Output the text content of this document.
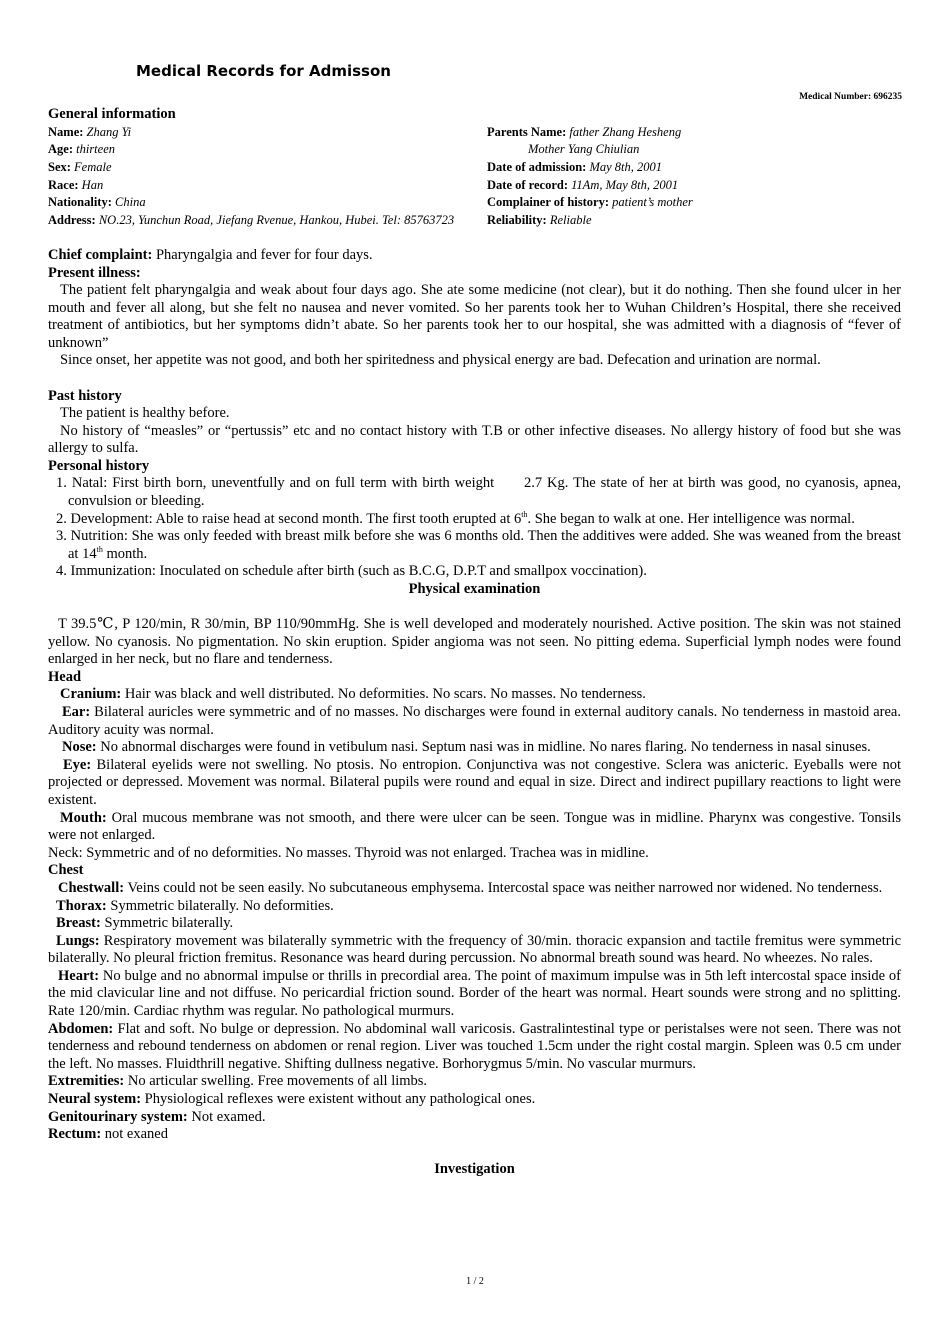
Medical Records for Admisson
Medical Number: 696235
General information
Name: Zhang Yi
Age: thirteen
Sex: Female
Race: Han
Nationality: China
Address: NO.23, Yunchun Road, Jiefang Rvenue, Hankou, Hubei. Tel: 85763723
Parents Name: father Zhang Hesheng
Mother Yang Chiulian
Date of admission: May 8th, 2001
Date of record: 11Am, May 8th, 2001
Complainer of history: patient’s mother
Reliability: Reliable

Chief complaint: Pharyngalgia and fever for four days.

Present illness:

The patient felt pharyngalgia and weak about four days ago. She ate some medicine (not clear), but it do nothing. Then she found ulcer in her mouth and fever all along, but she felt no nausea and never vomited. So her parents took her to Wuhan Children’s Hospital, there she received treatment of antibiotics, but her symptoms didn’t abate. So her parents took her to our hospital, she was admitted with a diagnosis of “fever of unknown”

Since onset, her appetite was not good, and both her spiritedness and physical energy are bad. Defecation and urination are normal.

Past history

The patient is healthy before.

No history of “measles” or “pertussis” etc and no contact history with T.B or other infective diseases. No allergy history of food but she was allergy to sulfa.

Personal history

1. Natal: First birth born, uneventfully and on full term with birth weight      2.7 Kg. The state of her at birth was good, no cyanosis, apnea, convulsion or bleeding.

2. Development: Able to raise head at second month. The first tooth erupted at 6th. She began to walk at one. Her intelligence was normal.

3. Nutrition: She was only feeded with breast milk before she was 6 months old. Then the additives were added. She was weaned from the breast at 14th month.

4. Immunization: Inoculated on schedule after birth (such as B.C.G, D.P.T and smallpox voccination).

Physical examination

T 39.5℃, P 120/min, R 30/min, BP 110/90mmHg. She is well developed and moderately nourished. Active position. The skin was not stained yellow. No cyanosis. No pigmentation. No skin eruption. Spider angioma was not seen. No pitting edema. Superficial lymph nodes were found enlarged in her neck, but no flare and tenderness.

Head

Cranium: Hair was black and well distributed. No deformities. No scars. No masses. No tenderness.

Ear: Bilateral auricles were symmetric and of no masses. No discharges were found in external auditory canals. No tenderness in mastoid area. Auditory acuity was normal.

Nose: No abnormal discharges were found in vetibulum nasi. Septum nasi was in midline. No nares flaring. No tenderness in nasal sinuses.

Eye: Bilateral eyelids were not swelling. No ptosis. No entropion. Conjunctiva was not congestive. Sclera was anicteric. Eyeballs were not projected or depressed. Movement was normal. Bilateral pupils were round and equal in size. Direct and indirect pupillary reactions to light were existent.

Mouth: Oral mucous membrane was not smooth, and there were ulcer can be seen. Tongue was in midline. Pharynx was congestive. Tonsils were not enlarged.

Neck: Symmetric and of no deformities. No masses. Thyroid was not enlarged. Trachea was in midline.

Chest

Chestwall: Veins could not be seen easily. No subcutaneous emphysema. Intercostal space was neither narrowed nor widened. No tenderness.

Thorax: Symmetric bilaterally. No deformities.

Breast: Symmetric bilaterally.

Lungs: Respiratory movement was bilaterally symmetric with the frequency of 30/min. thoracic expansion and tactile fremitus were symmetric bilaterally. No pleural friction fremitus. Resonance was heard during percussion. No abnormal breath sound was heard. No wheezes. No rales.

Heart: No bulge and no abnormal impulse or thrills in precordial area. The point of maximum impulse was in 5th left intercostal space inside of the mid clavicular line and not diffuse. No pericardial friction sound. Border of the heart was normal. Heart sounds were strong and no splitting. Rate 120/min. Cardiac rhythm was regular. No pathological murmurs.

Abdomen: Flat and soft. No bulge or depression. No abdominal wall varicosis. Gastralintestinal type or peristalses were not seen. There was not tenderness and rebound tenderness on abdomen or renal region. Liver was touched 1.5cm under the right costal margin. Spleen was 0.5 cm under the left. No masses. Fluidthrill negative. Shifting dullness negative. Borhorygmus 5/min. No vascular murmurs.

Extremities: No articular swelling. Free movements of all limbs.

Neural system: Physiological reflexes were existent without any pathological ones.

Genitourinary system: Not examed.

Rectum: not exaned

Investigation
1 / 2
